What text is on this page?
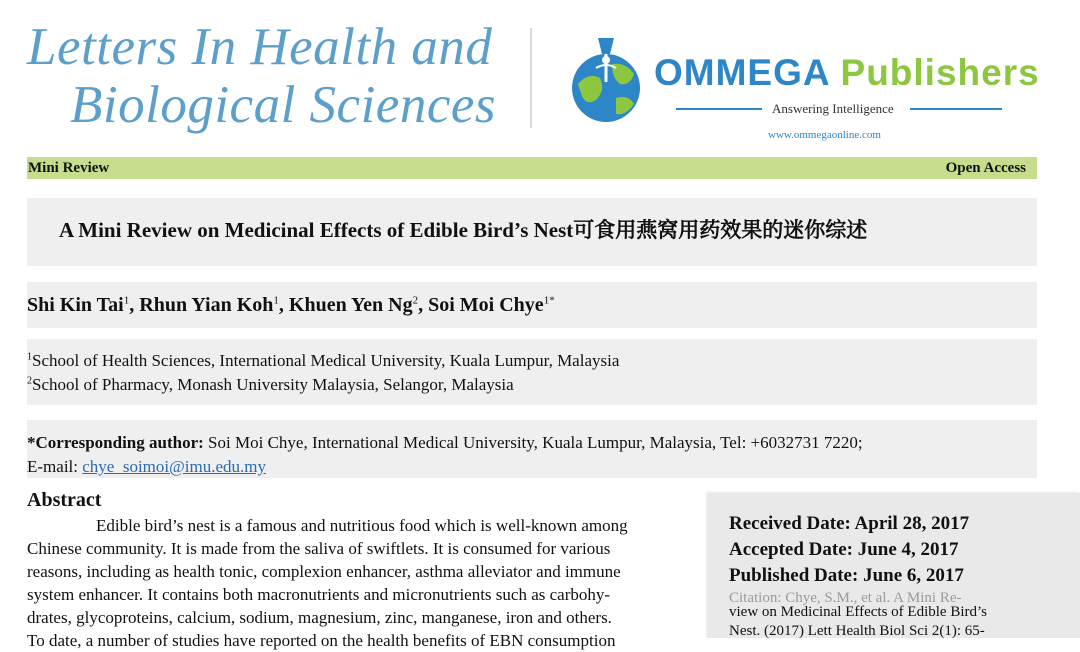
Letters In Health and
Biological Sciences
OMMEGA Publishers
Answering Intelligence
www.ommegaonline.com
Mini Review	Open Access
A Mini Review on Medicinal Effects of Edible Bird’s Nest可食用燕窝用药效果的迷你综述
Shi Kin Tai$^1$, Rhun Yian Koh$^1$, Khuen Yen Ng$^2$, Soi Moi Chye$^{1*}$
$^1$School of Health Sciences, International Medical University, Kuala Lumpur, Malaysia
$^2$School of Pharmacy, Monash University Malaysia, Selangor, Malaysia
*Corresponding author: Soi Moi Chye, International Medical University, Kuala Lumpur, Malaysia, Tel: +6032731 7220;
E-mail: chye_soimoi@imu.edu.my
Abstract
Edible bird’s nest is a famous and nutritious food which is well-known among
Chinese community. It is made from the saliva of swiftlets. It is consumed for various
reasons, including as health tonic, complexion enhancer, asthma alleviator and immune
system enhancer. It contains both macronutrients and micronutrients such as carbohy-
drates, glycoproteins, calcium, sodium, magnesium, zinc, manganese, iron and others.
To date, a number of studies have reported on the health benefits of EBN consumption
Received Date: April 28, 2017
Accepted Date: June 4, 2017
Published Date: June 6, 2017
Citation: Chye, S.M., et al. A Mini Re-
view on Medicinal Effects of Edible Bird’s
Nest. (2017) Lett Health Biol Sci 2(1): 65-
